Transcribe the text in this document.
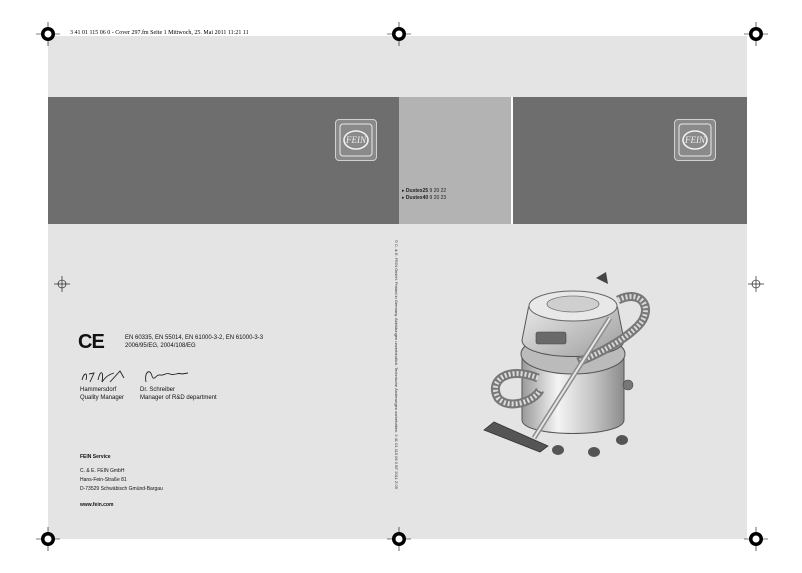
3 41 01 115 06 0 - Cover 297.fm Seite 1 Mittwoch, 25. Mai 2011 11:21 11
FEIN	FEIN
▸ Dustex25 9 20 22
▸ Dustex40 9 20 23
CE	EN 60335, EN 55014, EN 61000-3-2, EN 61000-3-3
2006/95/EG, 2004/108/EG
Hammersdorf
Quality Manager
Dr. Schreiber
Manager of R&D department
FEIN Service
C. & E. FEIN GmbH
Hans-Fein-Straße 81
D-73529 Schwäbisch Gmünd-Bargau
www.fein.com
© C. & E. FEIN GmbH. Printed in Germany. Abbildungen unverbindlich. Technische Änderungen vorbehalten. 3 41 01 115 06 0 BT 2011 Z 05
